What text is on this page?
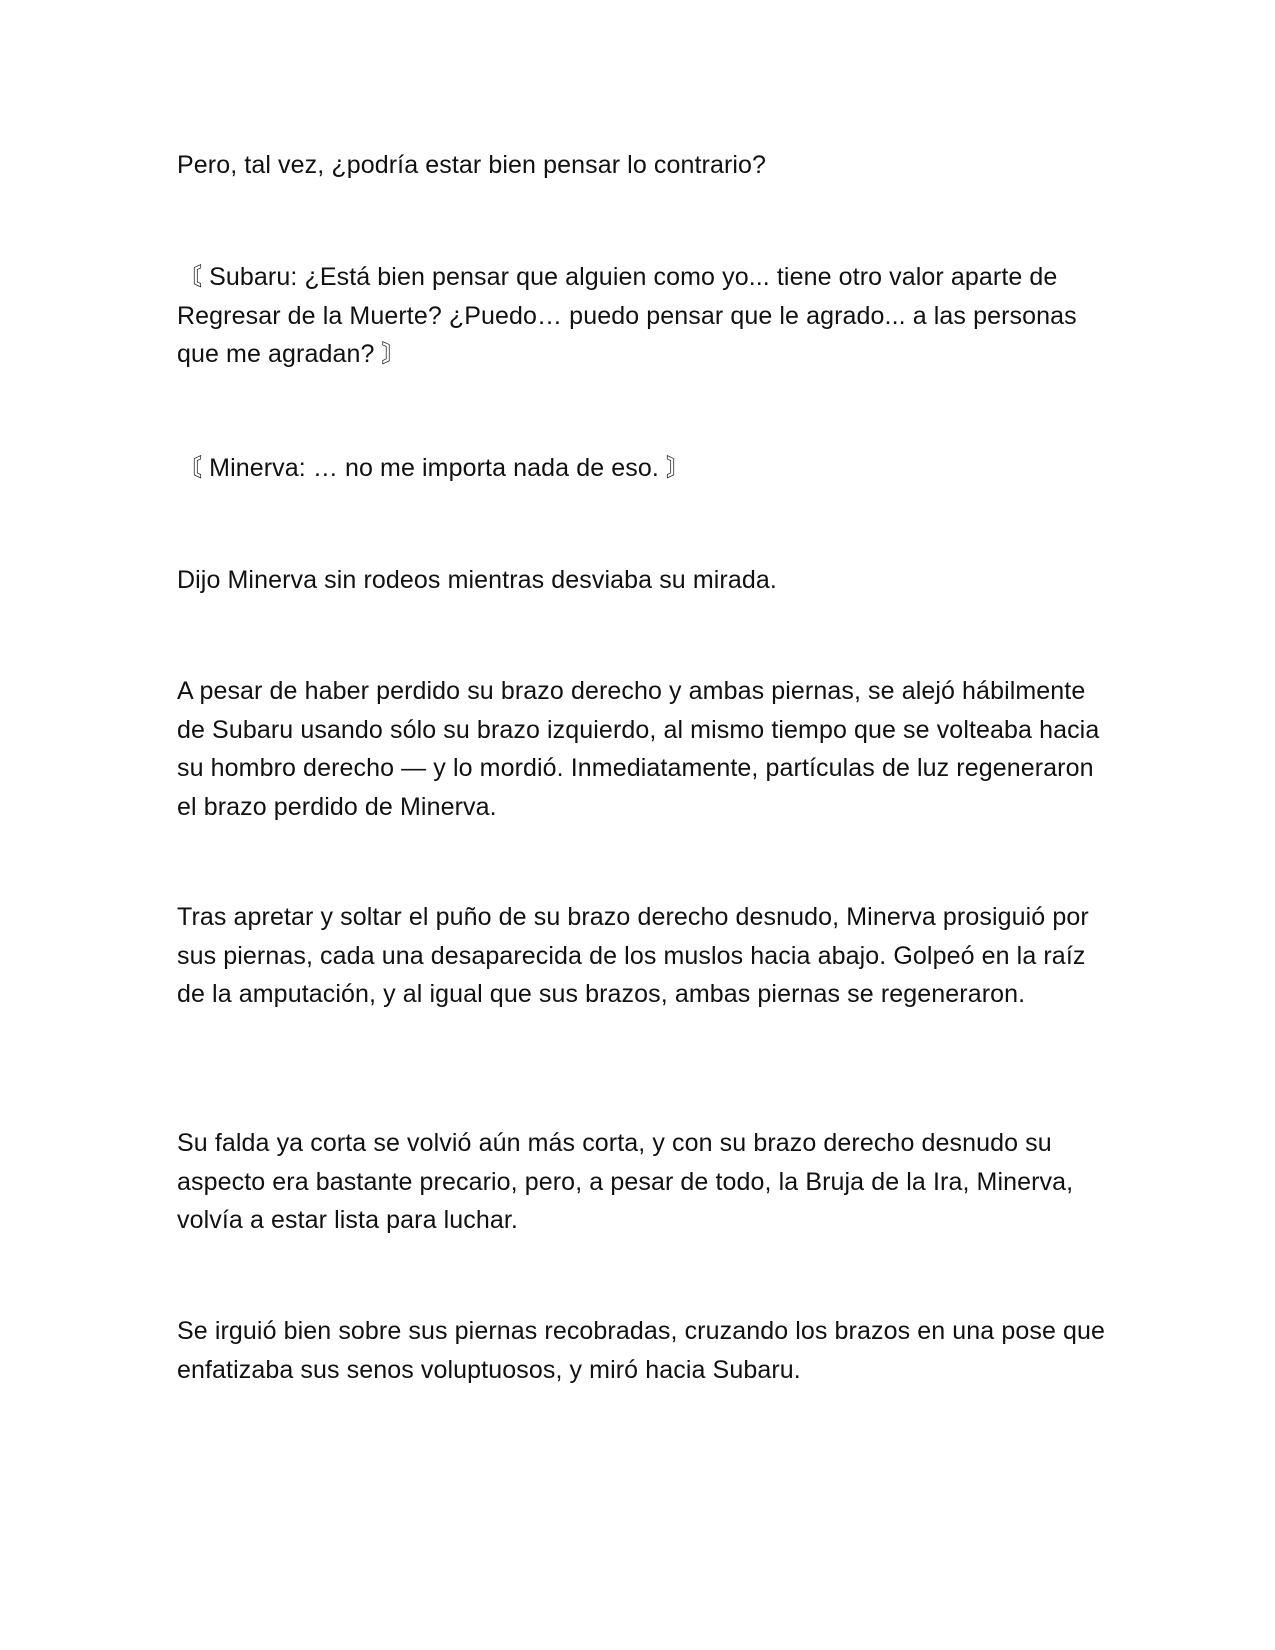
Pero, tal vez, ¿podría estar bien pensar lo contrario?

〘 Subaru: ¿Está bien pensar que alguien como yo... tiene otro valor aparte de Regresar de la Muerte? ¿Puedo… puedo pensar que le agrado... a las personas que me agradan? 〙

〘 Minerva: … no me importa nada de eso. 〙

Dijo Minerva sin rodeos mientras desviaba su mirada.

A pesar de haber perdido su brazo derecho y ambas piernas, se alejó hábilmente de Subaru usando sólo su brazo izquierdo, al mismo tiempo que se volteaba hacia su hombro derecho — y lo mordió. Inmediatamente, partículas de luz regeneraron el brazo perdido de Minerva.

Tras apretar y soltar el puño de su brazo derecho desnudo, Minerva prosiguió por sus piernas, cada una desaparecida de los muslos hacia abajo. Golpeó en la raíz de la amputación, y al igual que sus brazos, ambas piernas se regeneraron.

Su falda ya corta se volvió aún más corta, y con su brazo derecho desnudo su aspecto era bastante precario, pero, a pesar de todo, la Bruja de la Ira, Minerva, volvía a estar lista para luchar.

Se irguió bien sobre sus piernas recobradas, cruzando los brazos en una pose que enfatizaba sus senos voluptuosos, y miró hacia Subaru.
